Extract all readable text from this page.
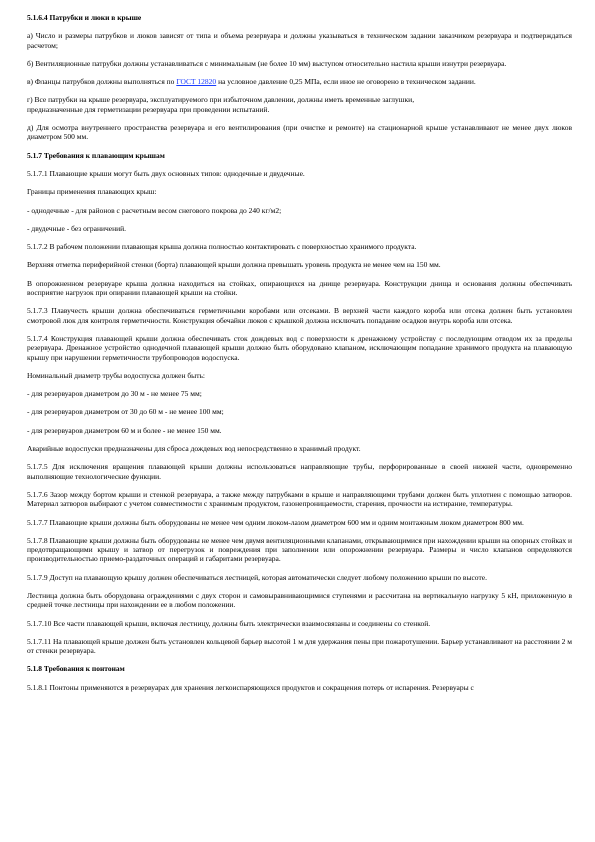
5.1.6.4 Патрубки и люки в крыше
а) Число и размеры патрубков и люков зависят от типа и объема резервуара и должны указываться в техническом задании заказчиком резервуара и подтверждаться расчетом;
б) Вентиляционные патрубки должны устанавливаться с минимальным (не более 10 мм) выступом относительно настила крыши изнутри резервуара.
в) Фланцы патрубков должны выполняться по ГОСТ 12820 на условное давление 0,25 МПа, если иное не оговорено в техническом задании.
г) Все патрубки на крыше резервуара, эксплуатируемого при избыточном давлении, должны иметь временные заглушки,
предназначенные для герметизации резервуара при проведении испытаний.
д) Для осмотра внутреннего пространства резервуара и его вентилирования (при очистке и ремонте) на стационарной крыше устанавливают не менее двух люков диаметром 500 мм.
5.1.7 Требования к плавающим крышам
5.1.7.1 Плавающие крыши могут быть двух основных типов: однодечные и двудечные.
Границы применения плавающих крыш:
- однодечные - для районов с расчетным весом снегового покрова до 240 кг/м2;
- двудечные - без ограничений.
5.1.7.2 В рабочем положении плавающая крыша должна полностью контактировать с поверхностью хранимого продукта.
Верхняя отметка периферийной стенки (борта) плавающей крыши должна превышать уровень продукта не менее чем на 150 мм.
В опорожненном резервуаре крыша должна находиться на стойках, опирающихся на днище резервуара. Конструкции днища и основания должны обеспечивать восприятие нагрузок при опирании плавающей крыши на стойки.
5.1.7.3 Плавучесть крыши должна обеспечиваться герметичными коробами или отсеками. В верхней части каждого короба или отсека должен быть установлен смотровой люк для контроля герметичности. Конструкция обечайки люков с крышкой должна исключать попадание осадков внутрь короба или отсека.
5.1.7.4 Конструкция плавающей крыши должна обеспечивать сток дождевых вод с поверхности к дренажному устройству с последующим отводом их за пределы резервуара. Дренажное устройство однодечной плавающей крыши должно быть оборудовано клапаном, исключающим попадание хранимого продукта на плавающую крышу при нарушении герметичности трубопроводов водоспуска.
Номинальный диаметр трубы водоспуска должен быть:
- для резервуаров диаметром до 30 м - не менее 75 мм;
- для резервуаров диаметром от 30 до 60 м - не менее 100 мм;
- для резервуаров диаметром 60 м и более - не менее 150 мм.
Аварийные водоспуски предназначены для сброса дождевых вод непосредственно в хранимый продукт.
5.1.7.5 Для исключения вращения плавающей крыши должны использоваться направляющие трубы, перфорированные в своей нижней части, одновременно выполняющие технологические функции.
5.1.7.6 Зазор между бортом крыши и стенкой резервуара, а также между патрубками в крыше и направляющими трубами должен быть уплотнен с помощью затворов. Материал затворов выбирают с учетом совместимости с хранимым продуктом, газонепроницаемости, старения, прочности на истирание, температуры.
5.1.7.7 Плавающие крыши должны быть оборудованы не менее чем одним люком-лазом диаметром 600 мм и одним монтажным люком диаметром 800 мм.
5.1.7.8 Плавающие крыши должны быть оборудованы не менее чем двумя вентиляционными клапанами, открывающимися при нахождении крыши на опорных стойках и предотвращающими крышу и затвор от перегрузок и повреждения при заполнении или опорожнении резервуара. Размеры и число клапанов определяются производительностью приемо-раздаточных операций и габаритами резервуара.
5.1.7.9 Доступ на плавающую крышу должен обеспечиваться лестницей, которая автоматически следует любому положению крыши по высоте.
Лестница должна быть оборудована ограждениями с двух сторон и самовыравнивающимися ступенями и рассчитана на вертикальную нагрузку 5 кН, приложенную в средней точке лестницы при нахождении ее в любом положении.
5.1.7.10 Все части плавающей крыши, включая лестницу, должны быть электрически взаимосвязаны и соединены со стенкой.
5.1.7.11 На плавающей крыше должен быть установлен кольцевой барьер высотой 1 м для удержания пены при пожаротушении. Барьер устанавливают на расстоянии 2 м от стенки резервуара.
5.1.8 Требования к понтонам
5.1.8.1 Понтоны применяются в резервуарах для хранения легкоиспаряющихся продуктов и сокращения потерь от испарения. Резервуары с
